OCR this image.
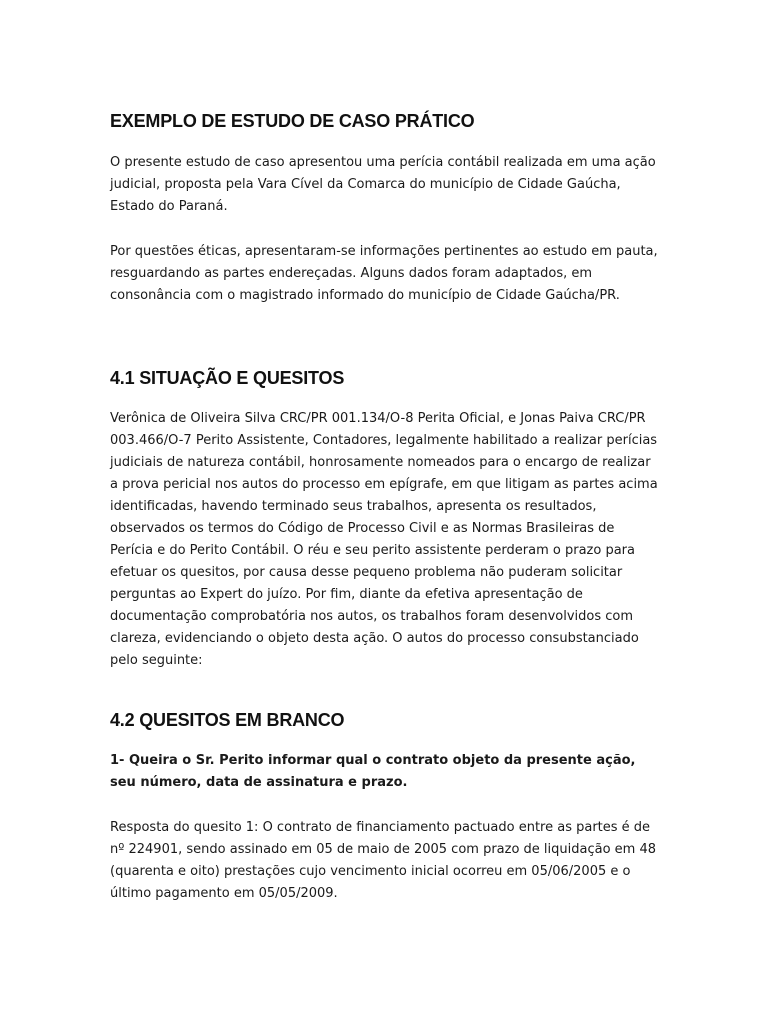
EXEMPLO DE ESTUDO DE CASO PRÁTICO

O presente estudo de caso apresentou uma perícia contábil realizada em uma ação judicial, proposta pela Vara Cível da Comarca do município de Cidade Gaúcha, Estado do Paraná.

Por questões éticas, apresentaram-se informações pertinentes ao estudo em pauta, resguardando as partes endereçadas. Alguns dados foram adaptados, em consonância com o magistrado informado do município de Cidade Gaúcha/PR.

4.1 SITUAÇÃO E QUESITOS

Verônica de Oliveira Silva CRC/PR 001.134/O-8 Perita Oficial, e Jonas Paiva CRC/PR 003.466/O-7 Perito Assistente, Contadores, legalmente habilitado a realizar perícias judiciais de natureza contábil, honrosamente nomeados para o encargo de realizar a prova pericial nos autos do processo em epígrafe, em que litigam as partes acima identificadas, havendo terminado seus trabalhos, apresenta os resultados, observados os termos do Código de Processo Civil e as Normas Brasileiras de Perícia e do Perito Contábil. O réu e seu perito assistente perderam o prazo para efetuar os quesitos, por causa desse pequeno problema não puderam solicitar perguntas ao Expert do juízo. Por fim, diante da efetiva apresentação de documentação comprobatória nos autos, os trabalhos foram desenvolvidos com clareza, evidenciando o objeto desta ação. O autos do processo consubstanciado pelo seguinte:

4.2 QUESITOS EM BRANCO

1- Queira o Sr. Perito informar qual o contrato objeto da presente ação, seu número, data de assinatura e prazo.

Resposta do quesito 1: O contrato de financiamento pactuado entre as partes é de nº 224901, sendo assinado em 05 de maio de 2005 com prazo de liquidação em 48 (quarenta e oito) prestações cujo vencimento inicial ocorreu em 05/06/2005 e o último pagamento em 05/05/2009.
